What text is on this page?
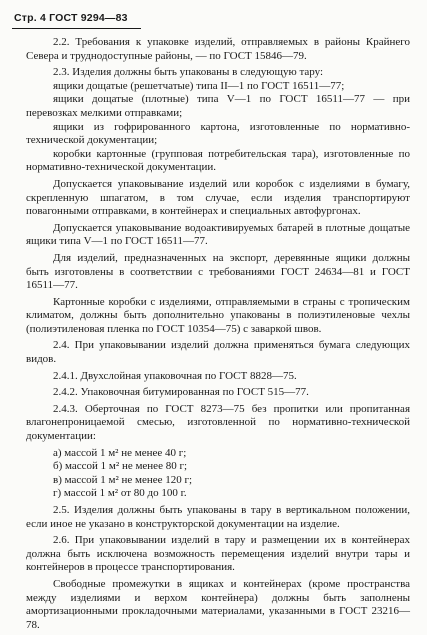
Стр. 4 ГОСТ 9294—83

2.2. Требования к упаковке изделий, отправляемых в районы Крайнего Севера и труднодоступные районы, — по ГОСТ 15846—79.

2.3. Изделия должны быть упакованы в следующую тару:

ящики дощатые (решетчатые) типа II—1 по ГОСТ 16511—77;

ящики дощатые (плотные) типа V—1 по ГОСТ 16511—77 — при перевозках мелкими отправками;

ящики из гофрированного картона, изготовленные по нормативно-технической документации;

коробки картонные (групповая потребительская тара), изготовленные по нормативно-технической документации.

Допускается упаковывание изделий или коробок с изделиями в бумагу, скрепленную шпагатом, в том случае, если изделия транспортируют повагонными отправками, в контейнерах и специальных автофургонах.

Допускается упаковывание водоактивируемых батарей в плотные дощатые ящики типа V—1 по ГОСТ 16511—77.

Для изделий, предназначенных на экспорт, деревянные ящики должны быть изготовлены в соответствии с требованиями ГОСТ 24634—81 и ГОСТ 16511—77.

Картонные коробки с изделиями, отправляемыми в страны с тропическим климатом, должны быть дополнительно упакованы в полиэтиленовые чехлы (полиэтиленовая пленка по ГОСТ 10354—75) с заваркой швов.

2.4. При упаковывании изделий должна применяться бумага следующих видов.

2.4.1. Двухслойная упаковочная по ГОСТ 8828—75.

2.4.2. Упаковочная битумированная по ГОСТ 515—77.

2.4.3. Оберточная по ГОСТ 8273—75 без пропитки или пропитанная влагонепроницаемой смесью, изготовленной по нормативно-технической документации:

а) массой 1 м² не менее 40 г;

б) массой 1 м² не менее 80 г;

в) массой 1 м² не менее 120 г;

г) массой 1 м² от 80 до 100 г.

2.5. Изделия должны быть упакованы в тару в вертикальном положении, если иное не указано в конструкторской документации на изделие.

2.6. При упаковывании изделий в тару и размещении их в контейнерах должна быть исключена возможность перемещения изделий внутри тары и контейнеров в процессе транспортирования.

Свободные промежутки в ящиках и контейнерах (кроме пространства между изделиями и верхом контейнера) должны быть заполнены амортизационными прокладочными материалами, указанными в ГОСТ 23216—78.
